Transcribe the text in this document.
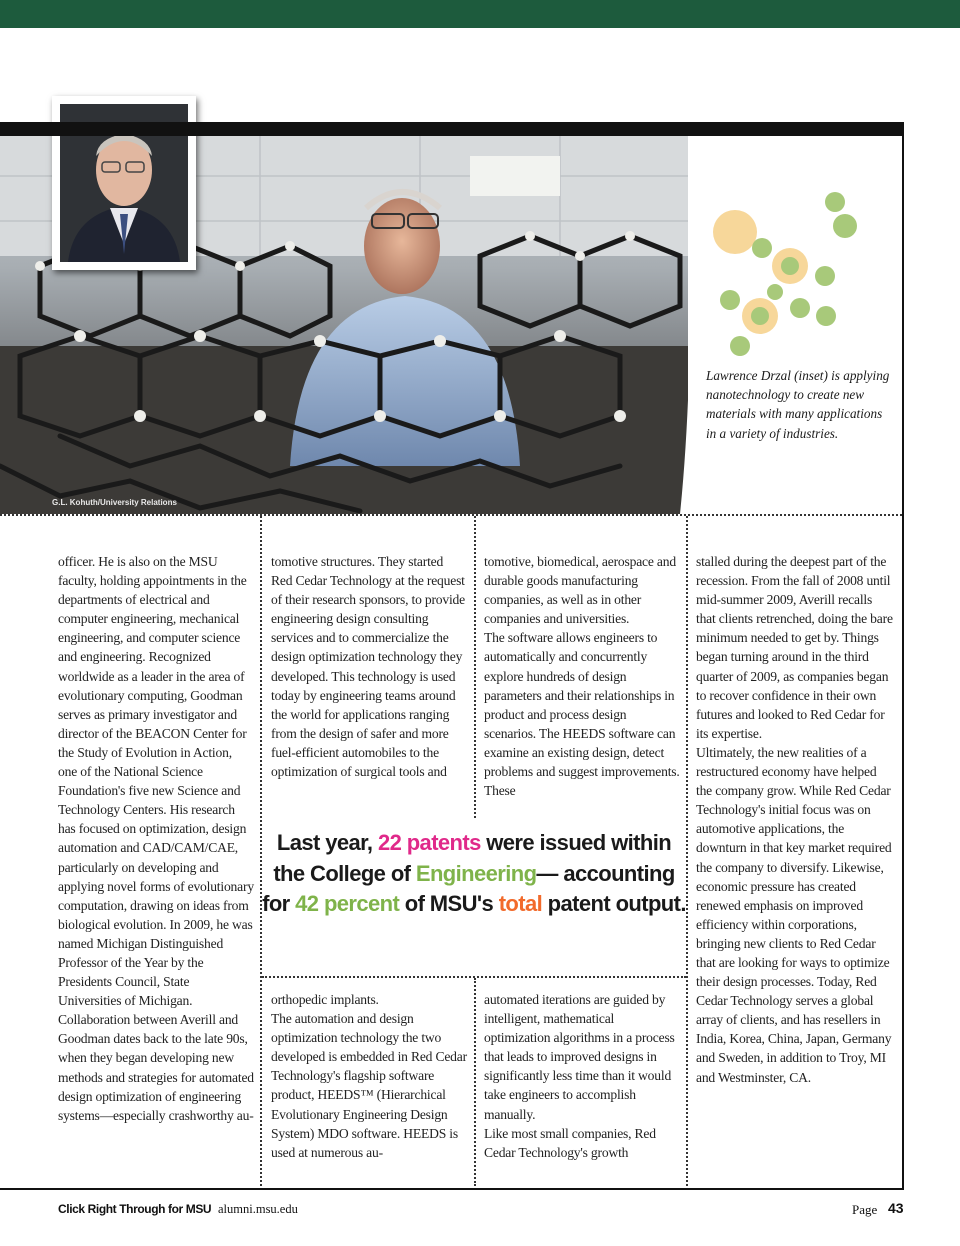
G.L. Kohuth/University Relations
Lawrence Drzal (inset) is applying nanotechnology to create new materials with many applications in a variety of industries.

officer. He is also on the MSU faculty, holding appointments in the departments of electrical and computer engineering, mechanical engineering, and computer science and engineering. Recognized worldwide as a leader in the area of evolutionary computing, Goodman serves as primary investigator and director of the BEACON Center for the Study of Evolution in Action, one of the National Science Foundation's five new Science and Technology Centers. His research has focused on optimization, design automation and CAD/CAM/CAE, particularly on developing and applying novel forms of evolutionary computation, drawing on ideas from biological evolution. In 2009, he was named Michigan Distinguished Professor of the Year by the Presidents Council, State Universities of Michigan.
Collaboration between Averill and Goodman dates back to the late 90s, when they began developing new methods and strategies for automated design optimization of engineering systems—especially crashworthy au-

tomotive structures. They started Red Cedar Technology at the request of their research sponsors, to provide engineering design consulting services and to commercialize the design optimization technology they developed. This technology is used today by engineering teams around the world for applications ranging from the design of safer and more fuel-efficient automobiles to the optimization of surgical tools and

orthopedic implants.
The automation and design optimization technology the two developed is embedded in Red Cedar Technology's flagship software product, HEEDS™ (Hierarchical Evolutionary Engineering Design System) MDO software. HEEDS is used at numerous au-

tomotive, biomedical, aerospace and durable goods manufacturing companies, as well as in other companies and universities.
The software allows engineers to automatically and concurrently explore hundreds of design parameters and their relationships in product and process design scenarios. The HEEDS software can examine an existing design, detect problems and suggest improvements. These

automated iterations are guided by intelligent, mathematical optimization algorithms in a process that leads to improved designs in significantly less time than it would take engineers to accomplish manually.
Like most small companies, Red Cedar Technology's growth

stalled during the deepest part of the recession. From the fall of 2008 until mid-summer 2009, Averill recalls that clients retrenched, doing the bare minimum needed to get by. Things began turning around in the third quarter of 2009, as companies began to recover confidence in their own futures and looked to Red Cedar for its expertise.
Ultimately, the new realities of a restructured economy have helped the company grow. While Red Cedar Technology's initial focus was on automotive applications, the downturn in that key market required the company to diversify. Likewise, economic pressure has created renewed emphasis on improved efficiency within corporations, bringing new clients to Red Cedar that are looking for ways to optimize their design processes. Today, Red Cedar Technology serves a global array of clients, and has resellers in India, Korea, China, Japan, Germany and Sweden, in addition to Troy, MI and Westminster, CA.

Last year, 22 patents were issued within the College of Engineering— accounting for 42 percent of MSU's total patent output.
Click Right Through for MSU alumni.msu.edu	Page 43
